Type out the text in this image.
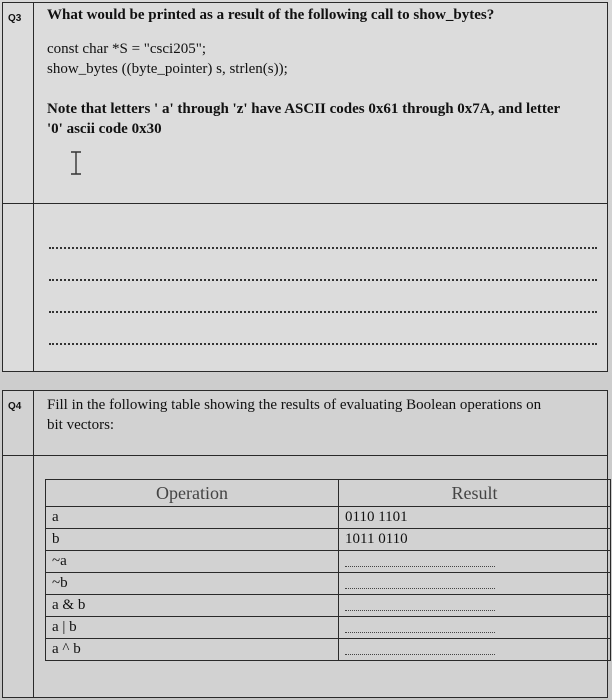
Q3 What would be printed as a result of the following call to show_bytes?
const char *S = "csci205";
show_bytes ((byte_pointer) s, strlen(s));
Note that letters ' a' through 'z' have ASCII codes 0x61 through 0x7A, and letter
'0' ascii code 0x30
Q4 Fill in the following table showing the results of evaluating Boolean operations on
bit vectors:
Operation	Result
a	0110 1101
b	1011 0110
~a	

~b	

a & b	

a | b	

a ^ b	
